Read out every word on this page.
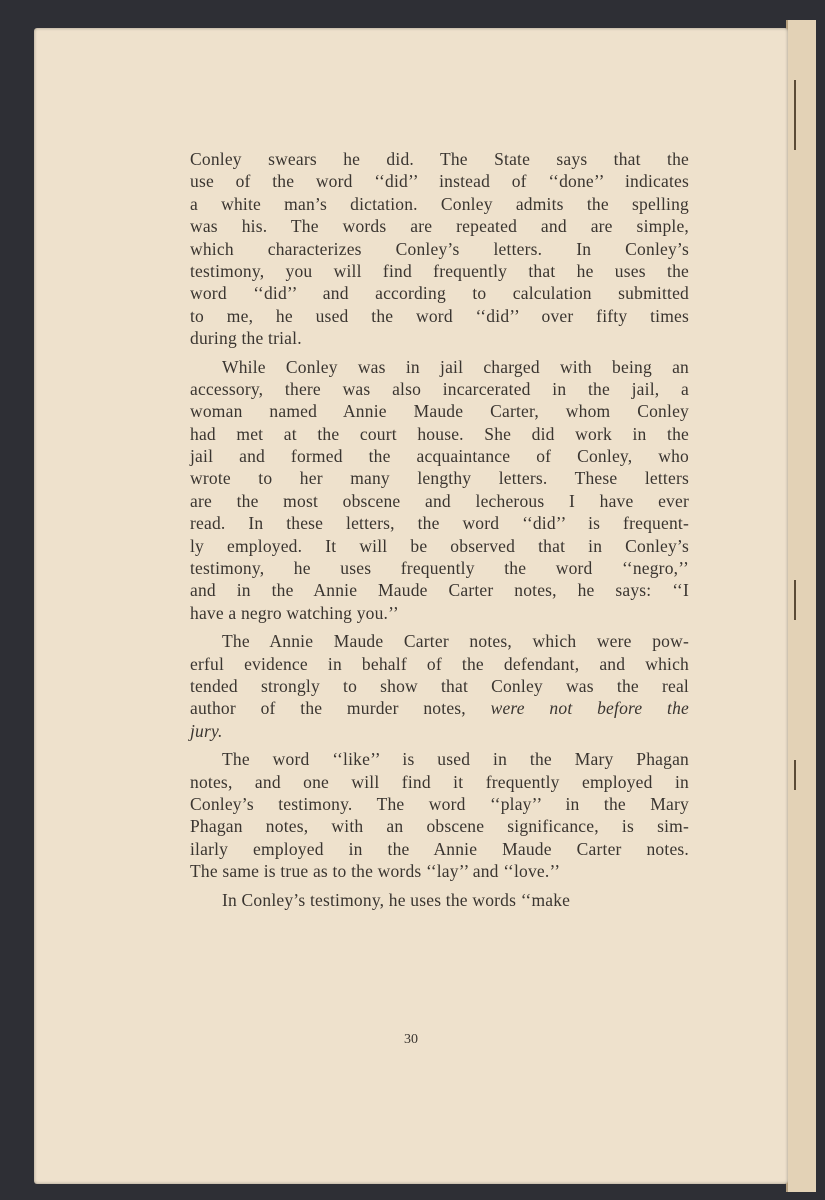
Conley swears he did. The State says that the
use of the word ‘‘did’’ instead of ‘‘done’’ indicates
a white man’s dictation. Conley admits the spelling
was his. The words are repeated and are simple,
which characterizes Conley’s letters. In Conley’s
testimony, you will find frequently that he uses the
word ‘‘did’’ and according to calculation submitted
to me, he used the word ‘‘did’’ over fifty times
during the trial.
While Conley was in jail charged with being an
accessory, there was also incarcerated in the jail, a
woman named Annie Maude Carter, whom Conley
had met at the court house. She did work in the
jail and formed the acquaintance of Conley, who
wrote to her many lengthy letters. These letters
are the most obscene and lecherous I have ever
read. In these letters, the word ‘‘did’’ is frequent-
ly employed. It will be observed that in Conley’s
testimony, he uses frequently the word ‘‘negro,’’
and in the Annie Maude Carter notes, he says: ‘‘I
have a negro watching you.’’
The Annie Maude Carter notes, which were pow-
erful evidence in behalf of the defendant, and which
tended strongly to show that Conley was the real
author of the murder notes, were not before the
jury.
The word ‘‘like’’ is used in the Mary Phagan
notes, and one will find it frequently employed in
Conley’s testimony. The word ‘‘play’’ in the Mary
Phagan notes, with an obscene significance, is sim-
ilarly employed in the Annie Maude Carter notes.
The same is true as to the words ‘‘lay’’ and ‘‘love.’’
In Conley’s testimony, he uses the words ‘‘make
30
